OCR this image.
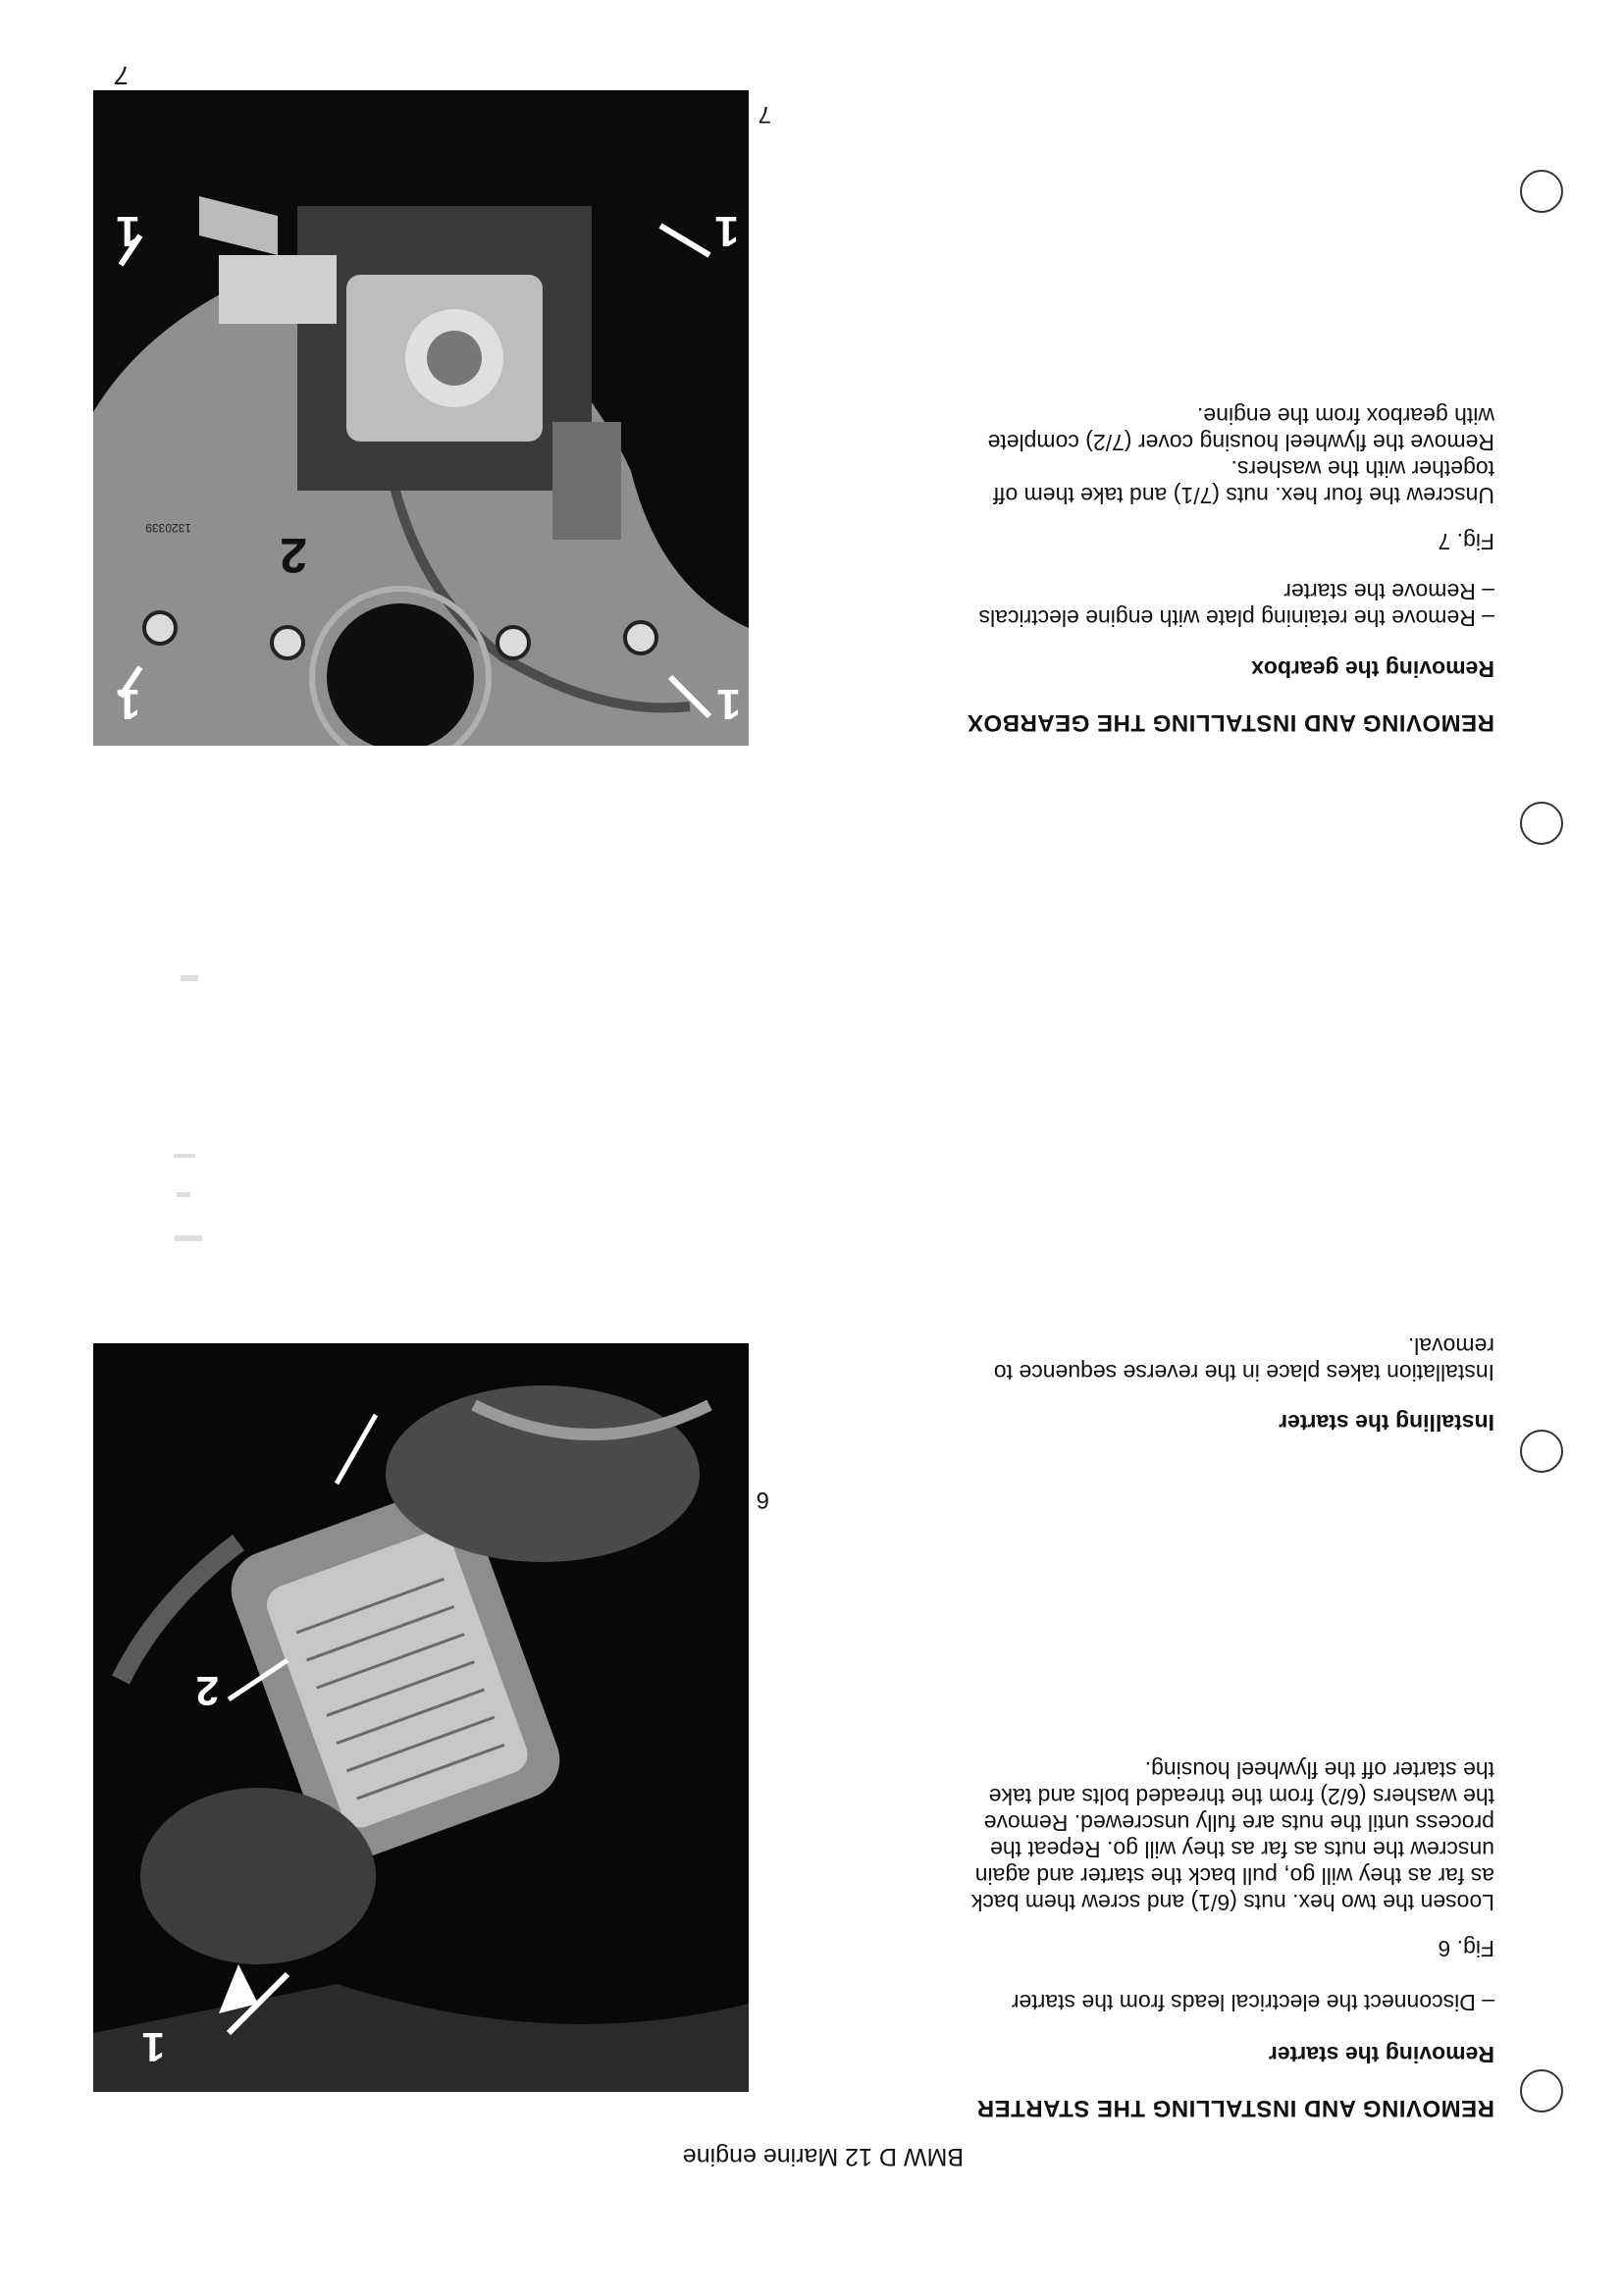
BMW D 12 Marine engine
REMOVING AND INSTALLING THE STARTER
Removing the starter
– Disconnect the electrical leads from the starter
Fig. 6
Loosen the two hex. nuts (6/1) and screw them back
as far as they will go, pull back the starter and again
unscrew the nuts as far as they will go. Repeat the
process until the nuts are fully unscrewed. Remove
the washers (6/2) from the threaded bolts and take
the starter off the flywheel housing.
1
2
6
Installing the starter
Installation takes place in the reverse sequence to
removal.
REMOVING AND INSTALLING THE GEARBOX
Removing the gearbox
– Remove the retaining plate with engine electricals
– Remove the starter
Fig. 7
Unscrew the four hex. nuts (7/1) and take them off
together with the washers.
Remove the flywheel housing cover (7/2) complete
with gearbox from the engine.
1
1
1
1
2
1320339
7
7
